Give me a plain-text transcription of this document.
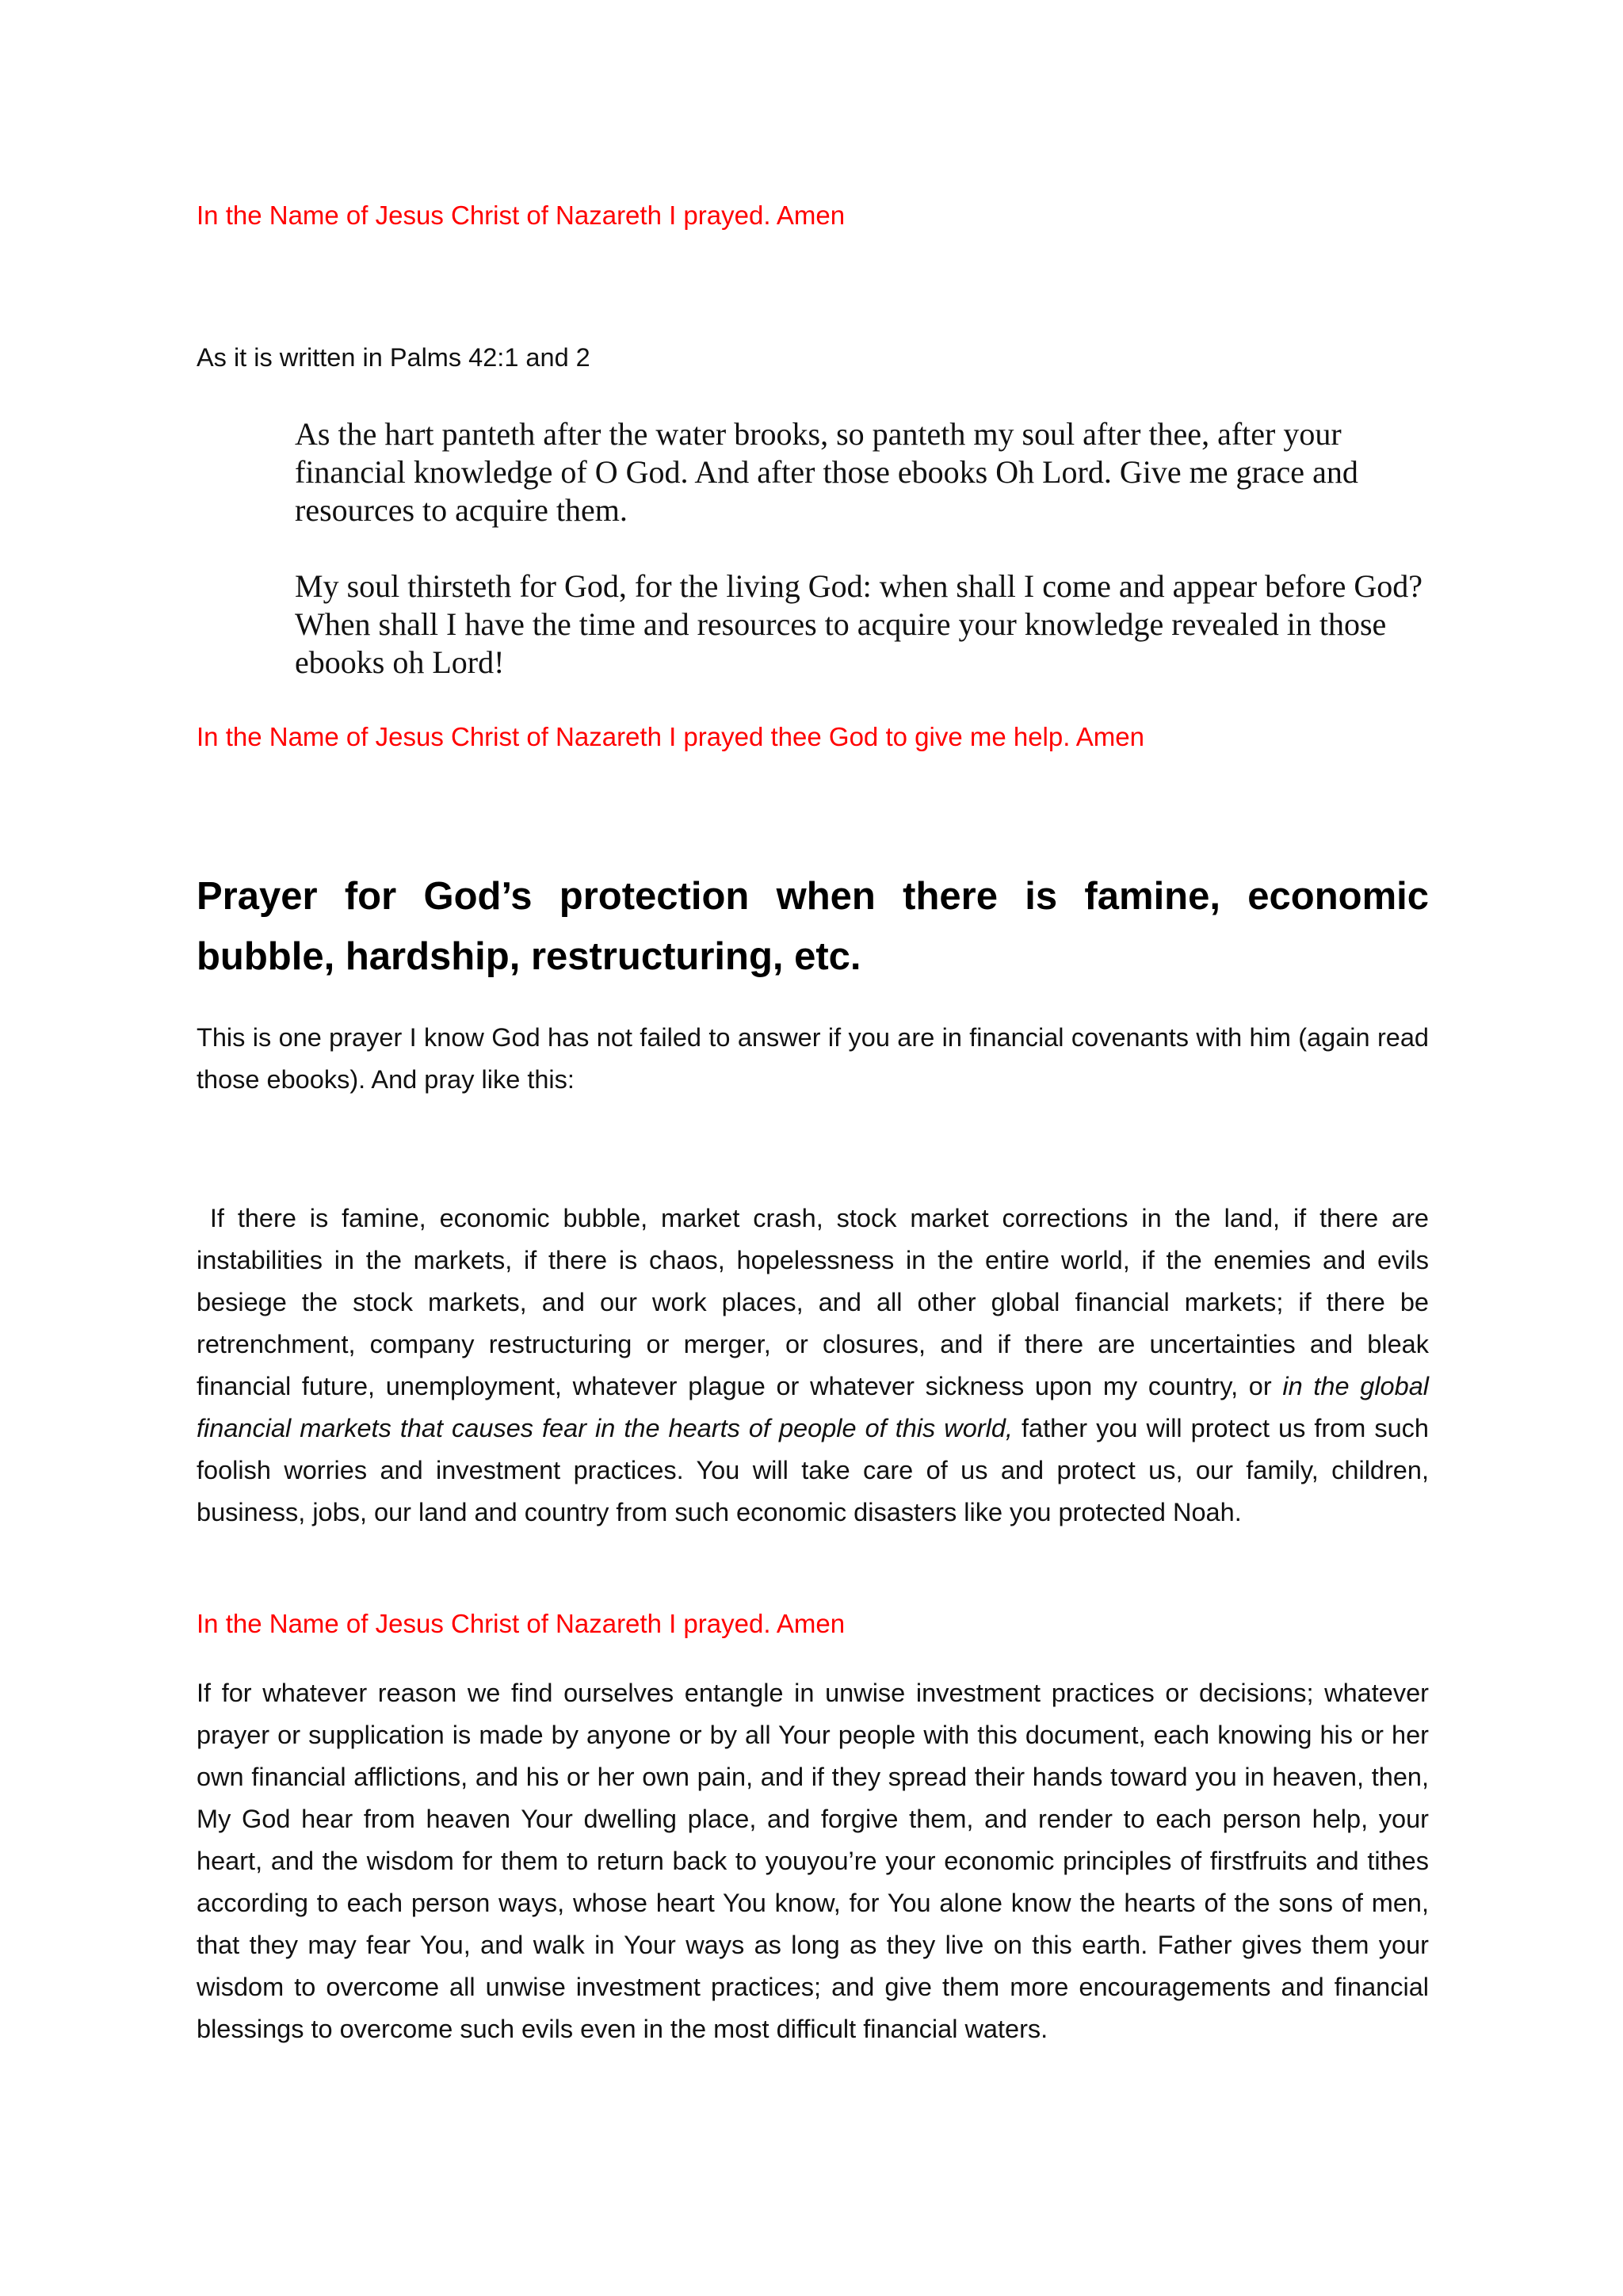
In the Name of Jesus Christ of Nazareth I prayed. Amen

As it is written in Palms 42:1 and 2

As the hart panteth after the water brooks, so panteth my soul after thee, after your financial knowledge of O God. And after those ebooks Oh Lord. Give me grace and resources to acquire them.

My soul thirsteth for God, for the living God: when shall I come and appear before God? When shall I have the time and resources to acquire your knowledge revealed in those ebooks oh Lord!

In the Name of Jesus Christ of Nazareth I prayed thee God to give me help. Amen

Prayer for God’s protection when there is famine, economic bubble, hardship, restructuring, etc.

This is one prayer I know God has not failed to answer if you are in financial covenants with him (again read those ebooks). And pray like this:

If there is famine, economic bubble, market crash, stock market corrections in the land, if there are instabilities in the markets, if there is chaos, hopelessness in the entire world, if the enemies and evils besiege the stock markets, and our work places, and all other global financial markets; if there be retrenchment, company restructuring or merger, or closures, and if there are uncertainties and bleak financial future, unemployment, whatever plague or whatever sickness upon my country, or in the global financial markets that causes fear in the hearts of people of this world, father you will protect us from such foolish worries and investment practices. You will take care of us and protect us, our family, children, business, jobs, our land and country from such economic disasters like you protected Noah.

In the Name of Jesus Christ of Nazareth I prayed. Amen

If for whatever reason we find ourselves entangle in unwise investment practices or decisions; whatever prayer or supplication is made by anyone or by all Your people with this document, each knowing his or her own financial afflictions, and his or her own pain, and if they spread their hands toward you in heaven, then, My God hear from heaven Your dwelling place, and forgive them, and render to each person help, your heart, and the wisdom for them to return back to youyou’re your economic principles of firstfruits and tithes according to each person ways, whose heart You know, for You alone know the hearts of the sons of men, that they may fear You, and walk in Your ways as long as they live on this earth. Father gives them your wisdom to overcome all unwise investment practices; and give them more encouragements and financial blessings to overcome such evils even in the most difficult financial waters.
